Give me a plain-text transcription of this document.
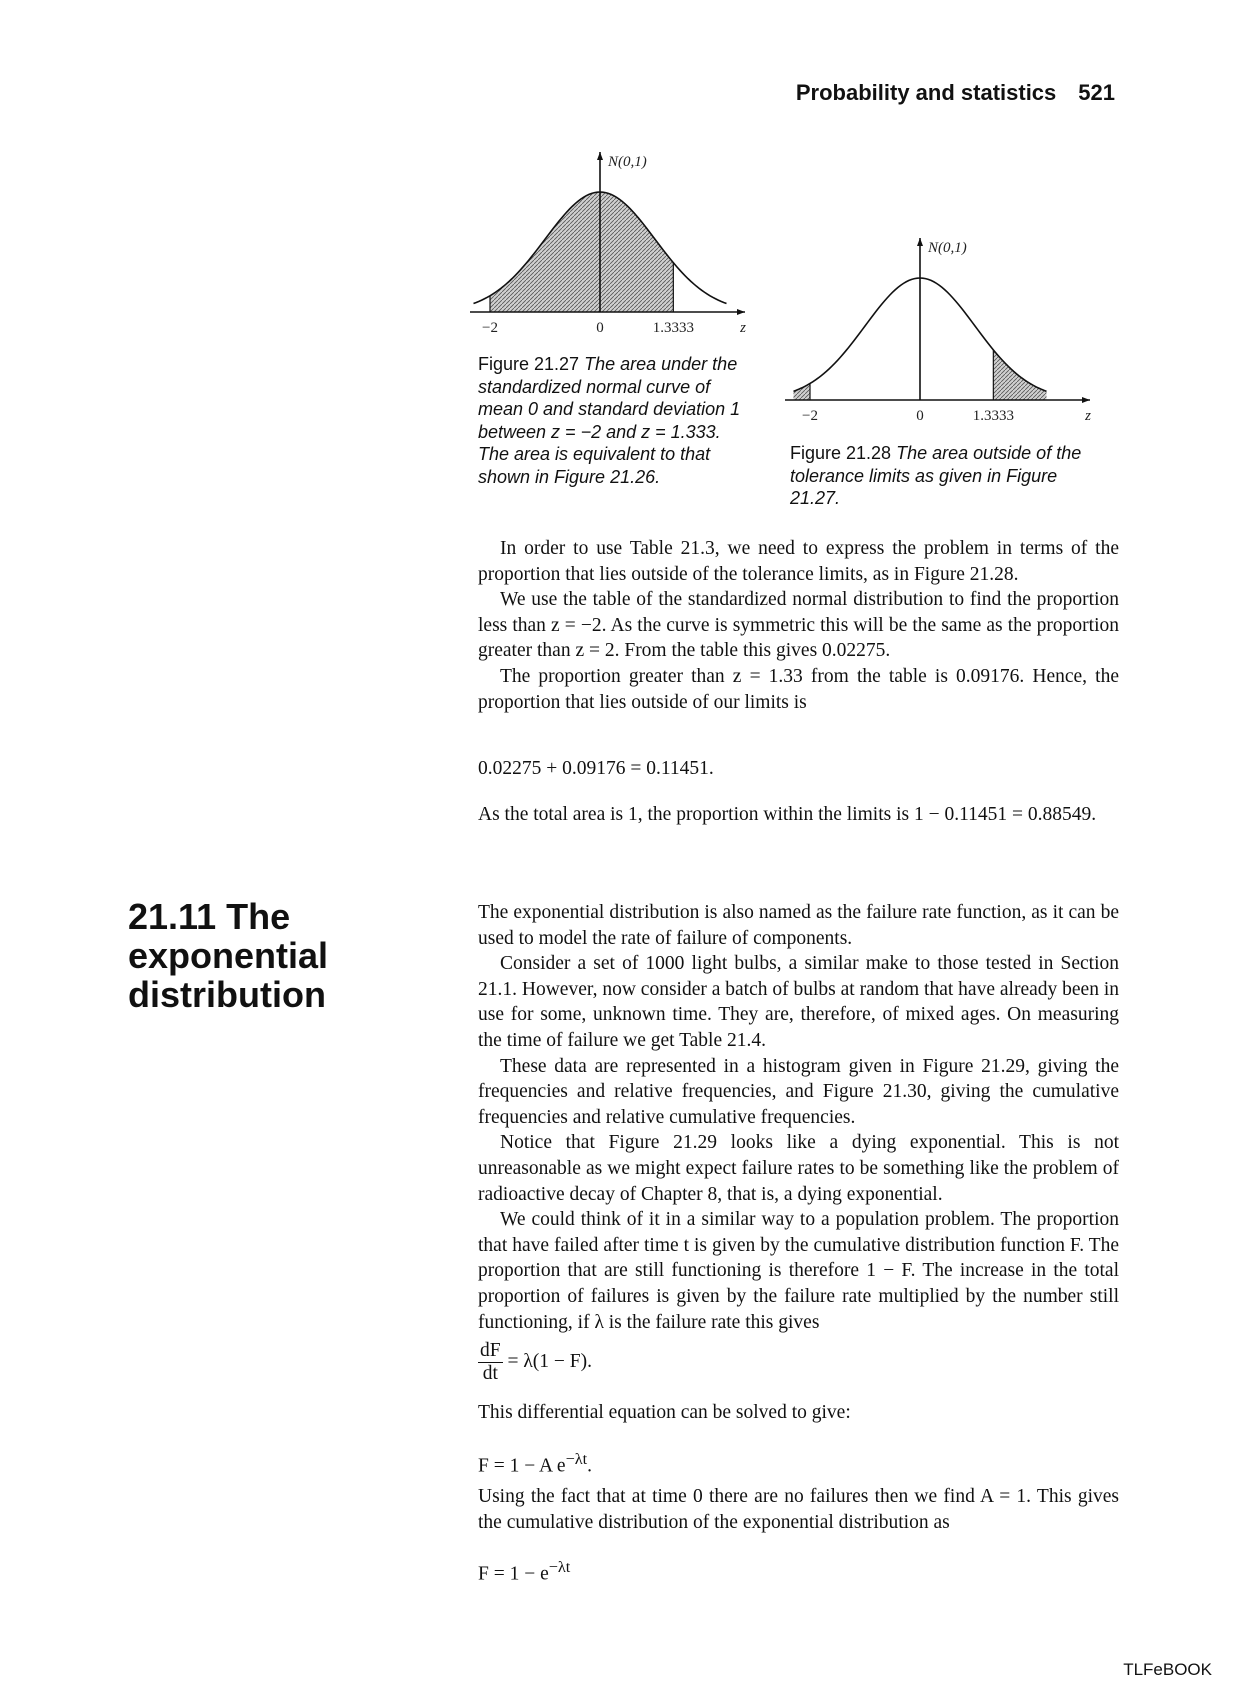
Probability and statistics 521
N(0,1)
−2	0	1.3333	z
Figure 21.27 The area under the standardized normal curve of mean 0 and standard deviation 1 between z = −2 and z = 1.333. The area is equivalent to that shown in Figure 21.26.
N(0,1)
−2	0	1.3333	z
Figure 21.28 The area outside of the tolerance limits as given in Figure 21.27.

In order to use Table 21.3, we need to express the problem in terms of the proportion that lies outside of the tolerance limits, as in Figure 21.28.

We use the table of the standardized normal distribution to find the proportion less than z = −2. As the curve is symmetric this will be the same as the proportion greater than z = 2. From the table this gives 0.02275.

The proportion greater than z = 1.33 from the table is 0.09176. Hence, the proportion that lies outside of our limits is

0.02275 + 0.09176 = 0.11451.

As the total area is 1, the proportion within the limits is 1 − 0.11451 = 0.88549.

21.11 The exponential distribution

The exponential distribution is also named as the failure rate function, as it can be used to model the rate of failure of components.

Consider a set of 1000 light bulbs, a similar make to those tested in Section 21.1. However, now consider a batch of bulbs at random that have already been in use for some, unknown time. They are, therefore, of mixed ages. On measuring the time of failure we get Table 21.4.

These data are represented in a histogram given in Figure 21.29, giving the frequencies and relative frequencies, and Figure 21.30, giving the cumulative frequencies and relative cumulative frequencies.

Notice that Figure 21.29 looks like a dying exponential. This is not unreasonable as we might expect failure rates to be something like the problem of radioactive decay of Chapter 8, that is, a dying exponential.

We could think of it in a similar way to a population problem. The proportion that have failed after time t is given by the cumulative distribution function F. The proportion that are still functioning is therefore 1 − F. The increase in the total proportion of failures is given by the failure rate multiplied by the number still functioning, if λ is the failure rate this gives

$\frac{dF}{dt} = \lambda(1 - F)$.

This differential equation can be solved to give:

F = 1 − A $e^{-\lambda t}$.

Using the fact that at time 0 there are no failures then we find A = 1. This gives the cumulative distribution of the exponential distribution as

$F = 1 - e^{-\lambda t}$
TLFeBOOK
